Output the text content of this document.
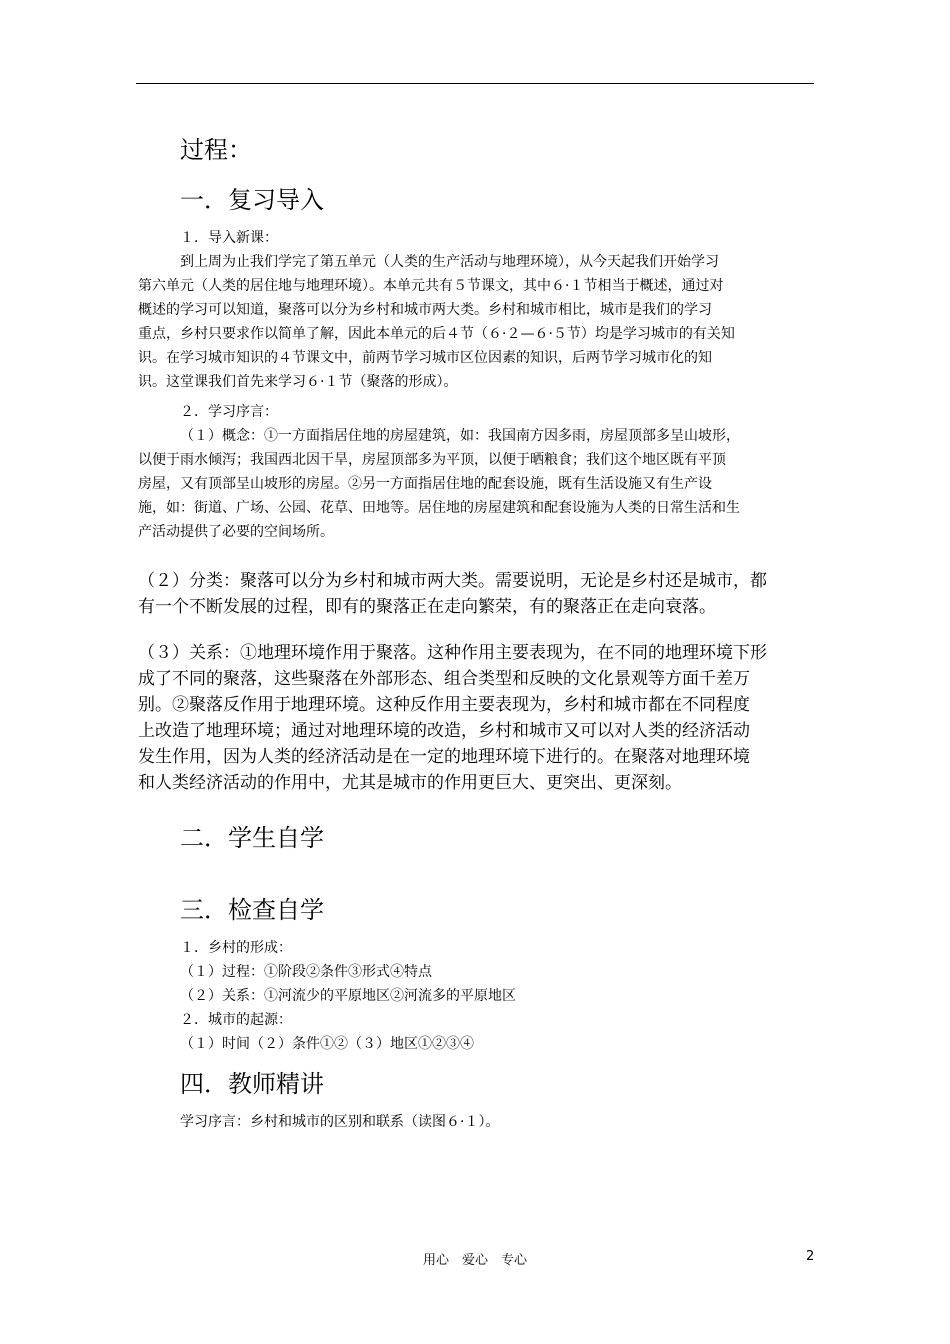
过程：
一．复习导入
１．导入新课：
到上周为止我们学完了第五单元（人类的生产活动与地理环境），从今天起我们开始学习
第六单元（人类的居住地与地理环境）。本单元共有５节课文，其中６·１节相当于概述，通过对
概述的学习可以知道，聚落可以分为乡村和城市两大类。乡村和城市相比，城市是我们的学习
重点，乡村只要求作以简单了解，因此本单元的后４节（６·２—６·５节）均是学习城市的有关知
识。在学习城市知识的４节课文中，前两节学习城市区位因素的知识，后两节学习城市化的知
识。这堂课我们首先来学习６·１节（聚落的形成）。
２．学习序言：
（１）概念：①一方面指居住地的房屋建筑，如：我国南方因多雨，房屋顶部多呈山坡形，
以便于雨水倾泻；我国西北因干旱，房屋顶部多为平顶，以便于晒粮食；我们这个地区既有平顶
房屋，又有顶部呈山坡形的房屋。②另一方面指居住地的配套设施，既有生活设施又有生产设
施，如：街道、广场、公园、花草、田地等。居住地的房屋建筑和配套设施为人类的日常生活和生
产活动提供了必要的空间场所。
（２）分类：聚落可以分为乡村和城市两大类。需要说明，无论是乡村还是城市，都
有一个不断发展的过程，即有的聚落正在走向繁荣，有的聚落正在走向衰落。
（３）关系：①地理环境作用于聚落。这种作用主要表现为，在不同的地理环境下形
成了不同的聚落，这些聚落在外部形态、组合类型和反映的文化景观等方面千差万
别。②聚落反作用于地理环境。这种反作用主要表现为，乡村和城市都在不同程度
上改造了地理环境；通过对地理环境的改造，乡村和城市又可以对人类的经济活动
发生作用，因为人类的经济活动是在一定的地理环境下进行的。在聚落对地理环境
和人类经济活动的作用中，尤其是城市的作用更巨大、更突出、更深刻。
二．学生自学
三．检查自学
１．乡村的形成：
（１）过程：①阶段②条件③形式④特点
（２）关系：①河流少的平原地区②河流多的平原地区
２．城市的起源：
（１）时间（２）条件①②（３）地区①②③④
四．教师精讲
学习序言：乡村和城市的区别和联系（读图６·１）。
用心　爱心　专心	2
